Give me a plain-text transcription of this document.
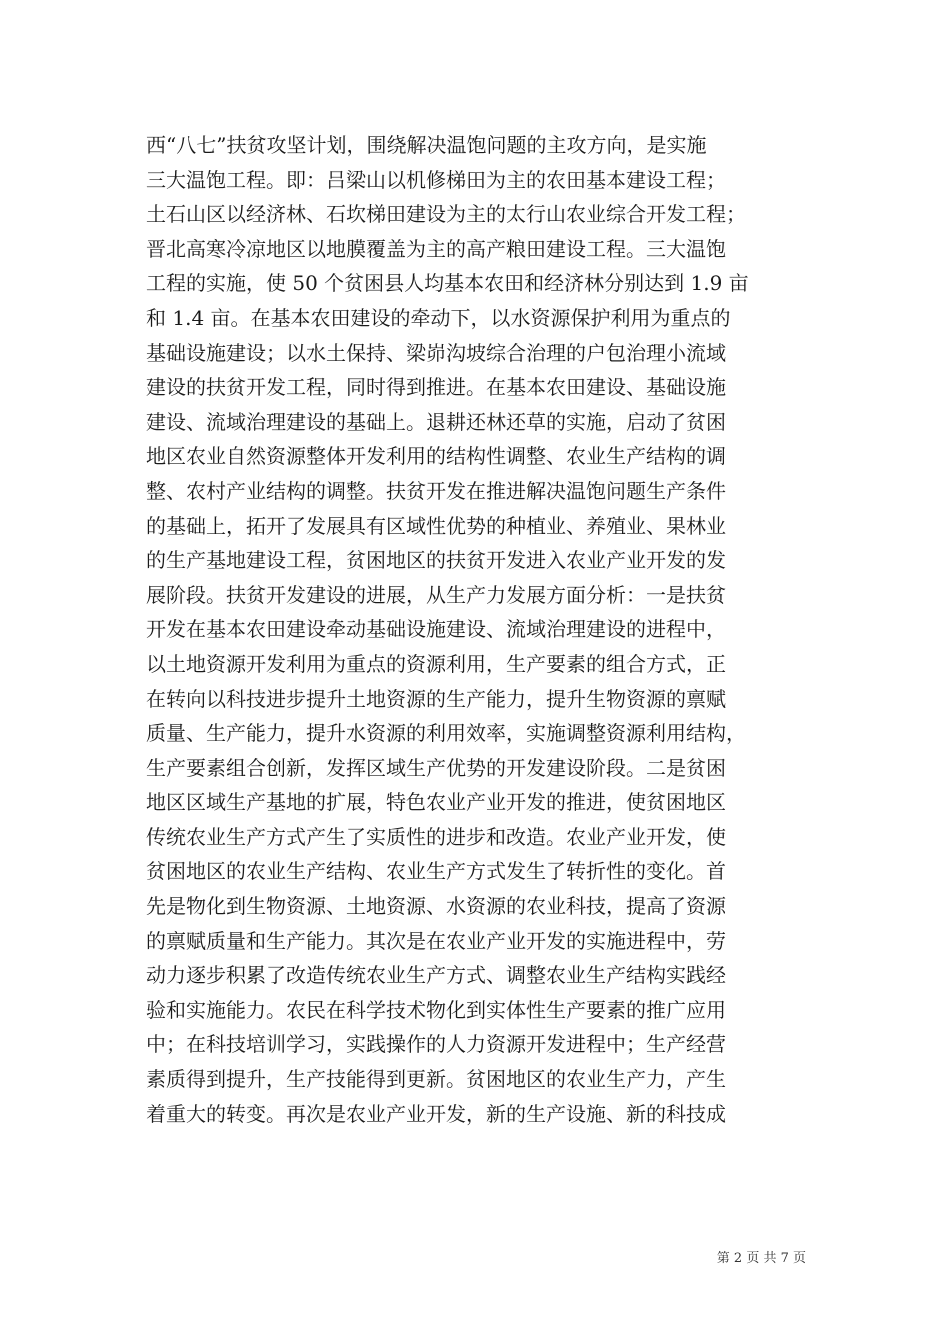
西“八七”扶贫攻坚计划，围绕解决温饱问题的主攻方向，是实施
三大温饱工程。即：吕梁山以机修梯田为主的农田基本建设工程；
土石山区以经济林、石坎梯田建设为主的太行山农业综合开发工程；
晋北高寒冷凉地区以地膜覆盖为主的高产粮田建设工程。三大温饱
工程的实施，使 50 个贫困县人均基本农田和经济林分别达到 1.9 亩
和 1.4 亩。在基本农田建设的牵动下，以水资源保护利用为重点的
基础设施建设；以水土保持、梁峁沟坡综合治理的户包治理小流域
建设的扶贫开发工程，同时得到推进。在基本农田建设、基础设施
建设、流域治理建设的基础上。退耕还林还草的实施，启动了贫困
地区农业自然资源整体开发利用的结构性调整、农业生产结构的调
整、农村产业结构的调整。扶贫开发在推进解决温饱问题生产条件
的基础上，拓开了发展具有区域性优势的种植业、养殖业、果林业
的生产基地建设工程，贫困地区的扶贫开发进入农业产业开发的发
展阶段。扶贫开发建设的进展，从生产力发展方面分析：一是扶贫
开发在基本农田建设牵动基础设施建设、流域治理建设的进程中，
以土地资源开发利用为重点的资源利用，生产要素的组合方式，正
在转向以科技进步提升土地资源的生产能力，提升生物资源的禀赋
质量、生产能力，提升水资源的利用效率，实施调整资源利用结构，
生产要素组合创新，发挥区域生产优势的开发建设阶段。二是贫困
地区区域生产基地的扩展，特色农业产业开发的推进，使贫困地区
传统农业生产方式产生了实质性的进步和改造。农业产业开发，使
贫困地区的农业生产结构、农业生产方式发生了转折性的变化。首
先是物化到生物资源、土地资源、水资源的农业科技，提高了资源
的禀赋质量和生产能力。其次是在农业产业开发的实施进程中，劳
动力逐步积累了改造传统农业生产方式、调整农业生产结构实践经
验和实施能力。农民在科学技术物化到实体性生产要素的推广应用
中；在科技培训学习，实践操作的人力资源开发进程中；生产经营
素质得到提升，生产技能得到更新。贫困地区的农业生产力，产生
着重大的转变。再次是农业产业开发，新的生产设施、新的科技成
第 2 页 共 7 页
